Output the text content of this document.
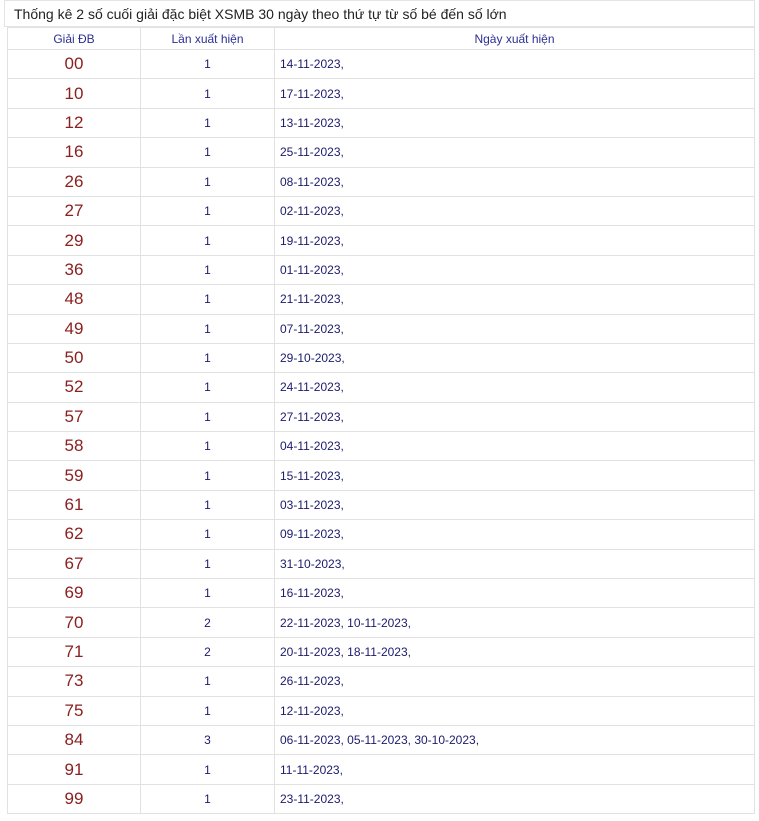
Thống kê 2 số cuối giải đặc biệt XSMB 30 ngày theo thứ tự từ số bé đến số lớn
Giải ĐB	Lần xuất hiện	Ngày xuất hiện
00	1	14-11-2023,
10	1	17-11-2023,
12	1	13-11-2023,
16	1	25-11-2023,
26	1	08-11-2023,
27	1	02-11-2023,
29	1	19-11-2023,
36	1	01-11-2023,
48	1	21-11-2023,
49	1	07-11-2023,
50	1	29-10-2023,
52	1	24-11-2023,
57	1	27-11-2023,
58	1	04-11-2023,
59	1	15-11-2023,
61	1	03-11-2023,
62	1	09-11-2023,
67	1	31-10-2023,
69	1	16-11-2023,
70	2	22-11-2023, 10-11-2023,
71	2	20-11-2023, 18-11-2023,
73	1	26-11-2023,
75	1	12-11-2023,
84	3	06-11-2023, 05-11-2023, 30-10-2023,
91	1	11-11-2023,
99	1	23-11-2023,
